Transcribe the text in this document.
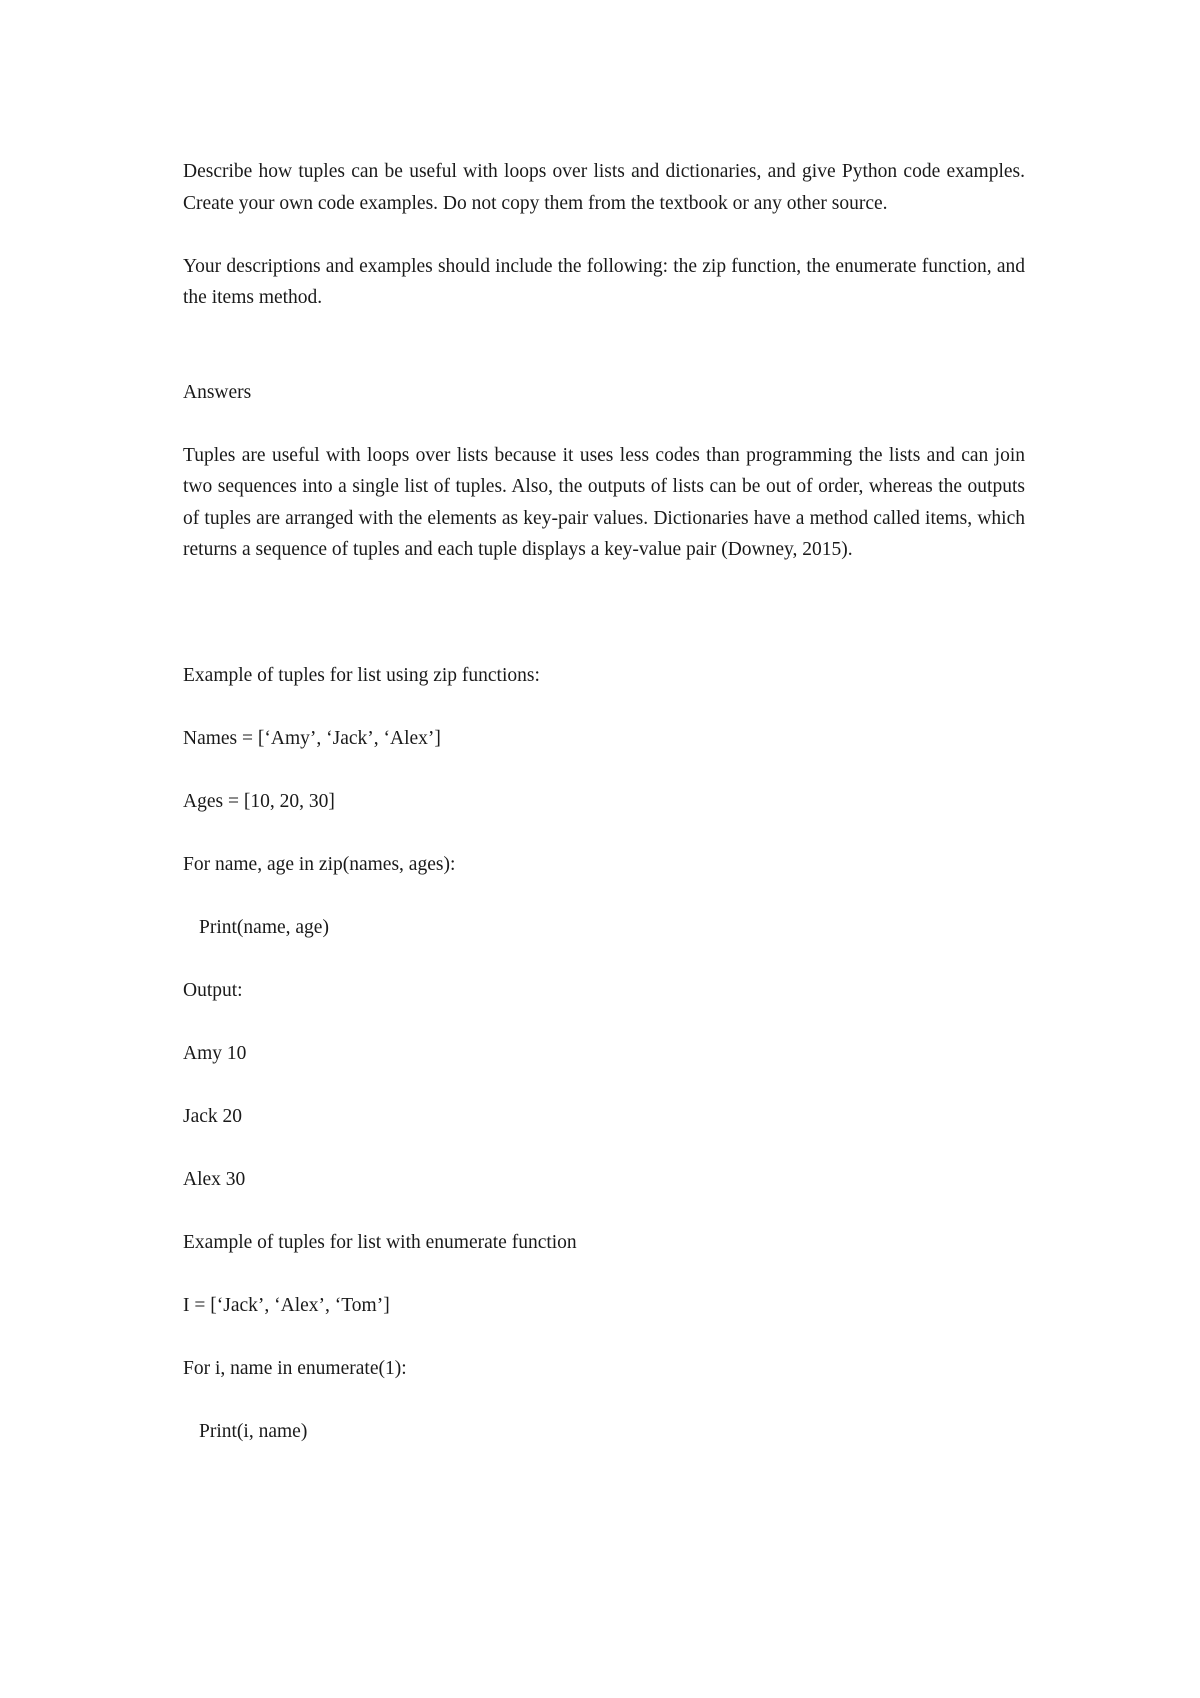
Describe how tuples can be useful with loops over lists and dictionaries, and give Python code examples. Create your own code examples. Do not copy them from the textbook or any other source.

Your descriptions and examples should include the following: the zip function, the enumerate function, and the items method.

Answers

Tuples are useful with loops over lists because it uses less codes than programming the lists and can join two sequences into a single list of tuples. Also, the outputs of lists can be out of order, whereas the outputs of tuples are arranged with the elements as key-pair values. Dictionaries have a method called items, which returns a sequence of tuples and each tuple displays a key-value pair (Downey, 2015).

Example of tuples for list using zip functions:

Names = [‘Amy’, ‘Jack’, ‘Alex’]

Ages = [10, 20, 30]

For name, age in zip(names, ages):

Print(name, age)

Output:

Amy 10

Jack 20

Alex 30

Example of tuples for list with enumerate function

I = [‘Jack’, ‘Alex’, ‘Tom’]

For i, name in enumerate(1):

Print(i, name)
